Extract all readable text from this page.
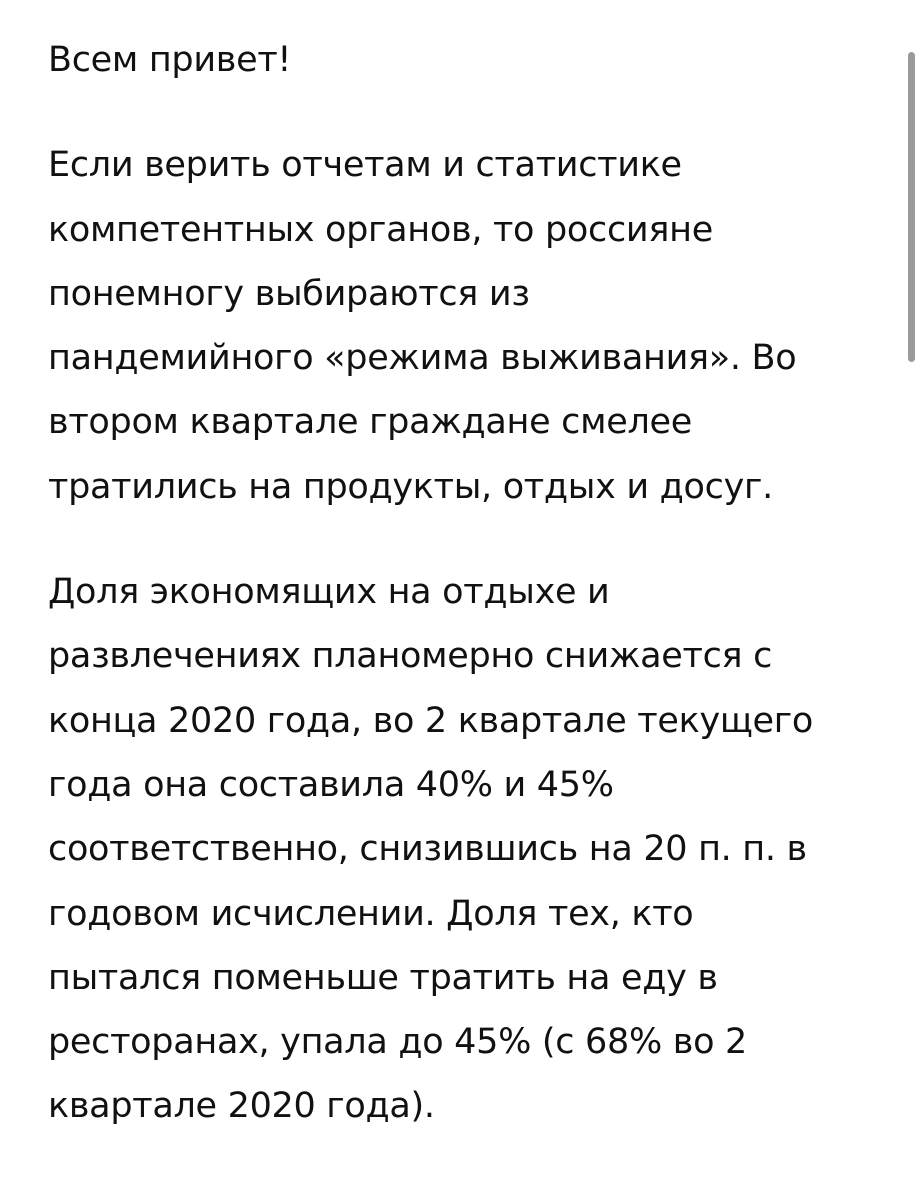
Всем привет!

Если верить отчетам и статистике
компетентных органов, то россияне
понемногу выбираются из
пандемийного «режима выживания». Во
втором квартале граждане смелее
тратились на продукты, отдых и досуг.

Доля экономящих на отдыхе и
развлечениях планомерно снижается с
конца 2020 года, во 2 квартале текущего
года она составила 40% и 45%
соответственно, снизившись на 20 п. п. в
годовом исчислении. Доля тех, кто
пытался поменьше тратить на еду в
ресторанах, упала до 45% (с 68% во 2
квартале 2020 года).
